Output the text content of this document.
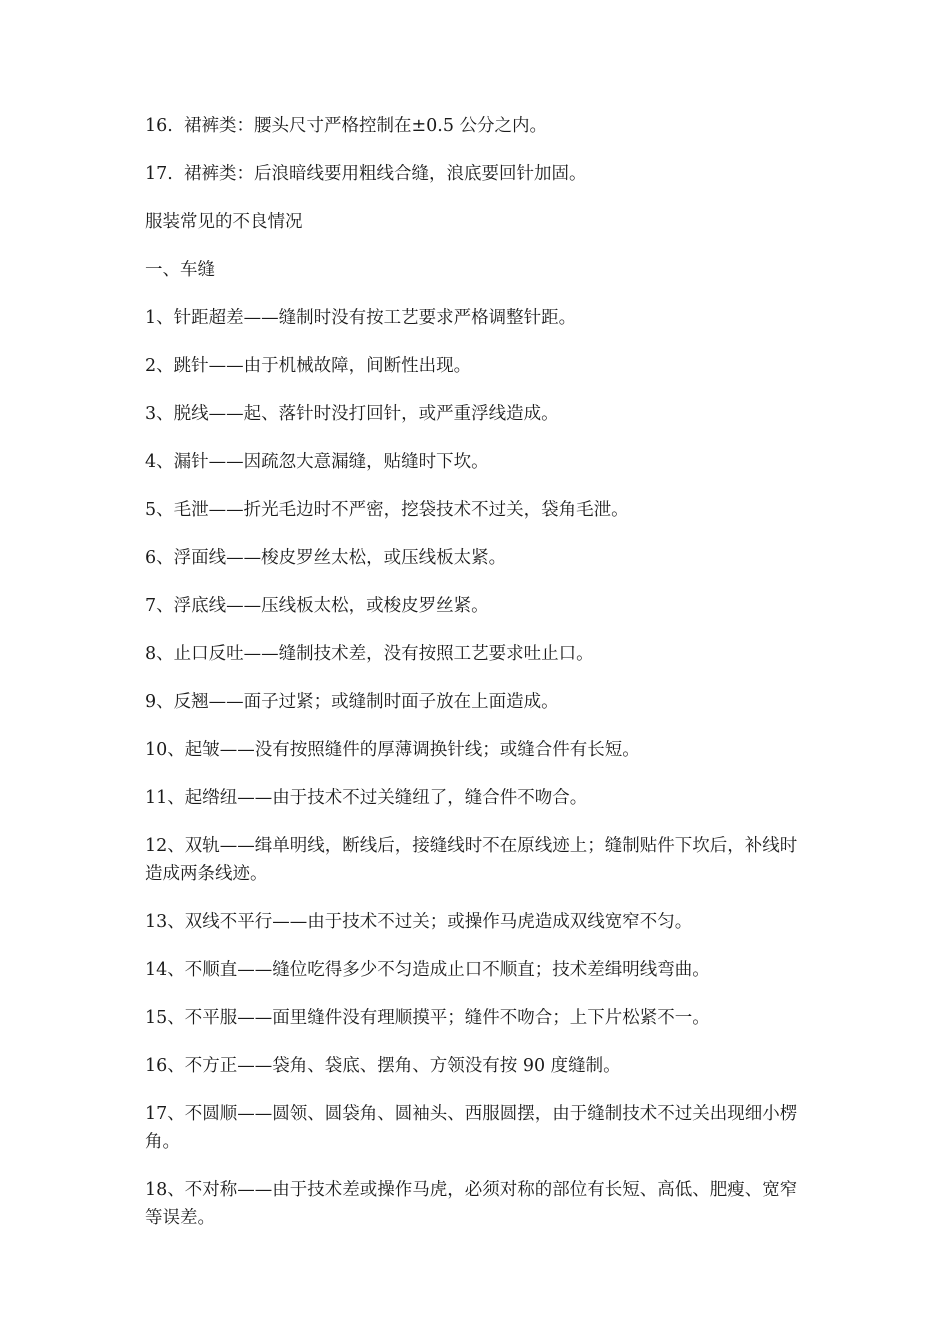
16.  裙裤类：腰头尺寸严格控制在±0.5 公分之内。

17.  裙裤类：后浪暗线要用粗线合缝，浪底要回针加固。

服装常见的不良情况

一、车缝

1、针距超差——缝制时没有按工艺要求严格调整针距。

2、跳针——由于机械故障，间断性出现。

3、脱线——起、落针时没打回针，或严重浮线造成。

4、漏针——因疏忽大意漏缝，贴缝时下坎。

5、毛泄——折光毛边时不严密，挖袋技术不过关，袋角毛泄。

6、浮面线——梭皮罗丝太松，或压线板太紧。

7、浮底线——压线板太松，或梭皮罗丝紧。

8、止口反吐——缝制技术差，没有按照工艺要求吐止口。

9、反翘——面子过紧；或缝制时面子放在上面造成。

10、起皱——没有按照缝件的厚薄调换针线；或缝合件有长短。

11、起绺纽——由于技术不过关缝纽了，缝合件不吻合。

12、双轨——缉单明线，断线后，接缝线时不在原线迹上；缝制贴件下坎后，补线时造成两条线迹。

13、双线不平行——由于技术不过关；或操作马虎造成双线宽窄不匀。

14、不顺直——缝位吃得多少不匀造成止口不顺直；技术差缉明线弯曲。

15、不平服——面里缝件没有理顺摸平；缝件不吻合；上下片松紧不一。

16、不方正——袋角、袋底、摆角、方领没有按 90 度缝制。

17、不圆顺——圆领、圆袋角、圆袖头、西服圆摆，由于缝制技术不过关出现细小楞角。

18、不对称——由于技术差或操作马虎，必须对称的部位有长短、高低、肥瘦、宽窄等误差。
